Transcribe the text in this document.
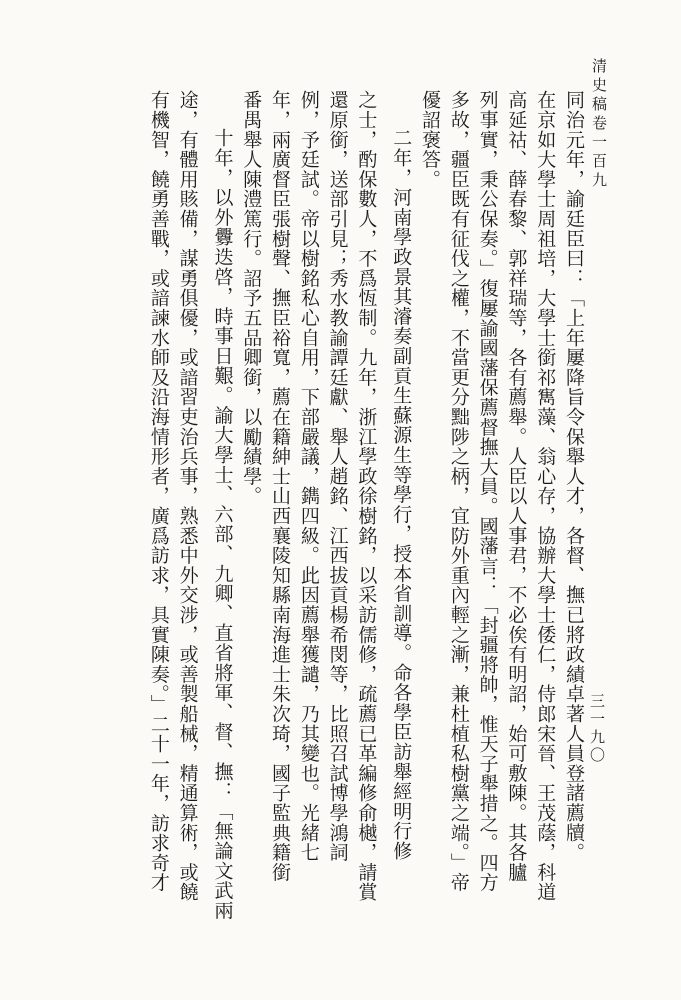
清史稿卷一百九
三一九〇

同治元年，諭廷臣曰：「上年屢降旨令保舉人才，各督、撫已將政績卓著人員登諸薦牘。

在京如大學士周祖培，大學士銜祁寯藻、翁心存，協辦大學士倭仁，侍郎宋晉、王茂蔭，科道

高延祜、薛春黎、郭祥瑞等，各有薦舉。人臣以人事君，不必俟有明詔，始可敷陳。其各臚

列事實，秉公保奏。」復屢諭國藩保薦督撫大員。國藩言：「封疆將帥，惟天子舉措之。四方

多故，疆臣既有征伐之權，不當更分黜陟之柄，宜防外重內輕之漸，兼杜植私樹黨之端。」帝

優詔褒答。

二年，河南學政景其濬奏副貢生蘇源生等學行，授本省訓導。命各學臣訪舉經明行修

之士，酌保數人，不爲恆制。九年，浙江學政徐樹銘，以采訪儒修，疏薦已革編修俞樾，請賞

還原銜，送部引見；秀水教諭譚廷獻、舉人趙銘、江西拔貢楊希閔等，比照召試博學鴻詞

例，予廷試。帝以樹銘私心自用，下部嚴議，鐫四級。此因薦舉獲譴，乃其變也。光緒七

年，兩廣督臣張樹聲、撫臣裕寬，薦在籍紳士山西襄陵知縣南海進士朱次琦，國子監典籍銜

番禺舉人陳澧篤行。詔予五品卿銜，以勵績學。

十年，以外釁迭啓，時事日艱。諭大學士、六部、九卿、直省將軍、督、撫：「無論文武兩

途，有體用賅備，謀勇俱優，或諳習吏治兵事，熟悉中外交涉，或善製船械，精通算術，或饒

有機智，饒勇善戰，或諳諫水師及沿海情形者，廣爲訪求，具實陳奏。」二十一年，訪求奇才
